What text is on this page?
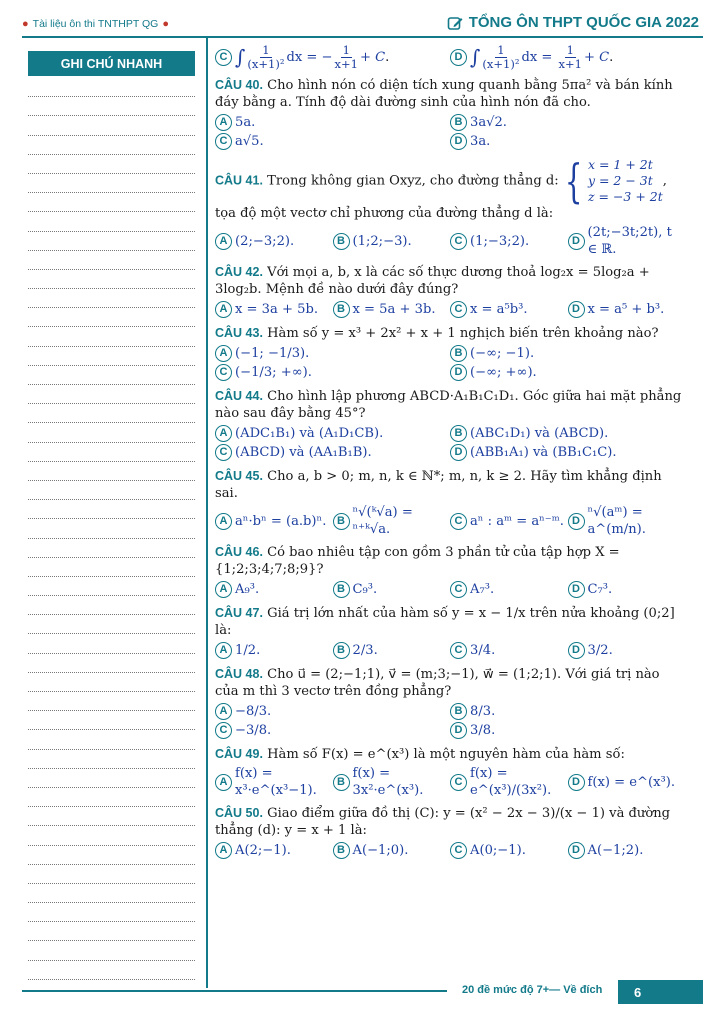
● Tài liệu ôn thi TNTHPT QG ●	TỔNG ÔN THPT QUỐC GIA 2022
GHI CHÚ NHANH	C ∫ $\frac{1}{\text{(x+1)²}}$ dx = − $\frac{1}{x+1} + C$.	D ∫ $\frac{1}{\text{(x+1)²}}$ dx = $\frac{1}{x+1} + C$.
CÂU 40. Cho hình nón có diện tích xung quanh bằng 5πa² và bán kính đáy bằng a. Tính độ dài đường sinh của hình nón đã cho.
A 5a.	B 3a√2.
C a√5.	D 3a.
CÂU 41. Trong không gian Oxyz, cho đường thẳng d: { x = 1 + 2t
y = 2 − 3t
z = −3 + 2t
, tọa độ một vectơ chỉ phương của đường thẳng d là:
A (2;−3;2).	B (1;2;−3).	C (1;−3;2).	D
(2t;−3t;2t), t ∈ ℝ.
CÂU 42. Với mọi a, b, x là các số thực dương thoả log₂x = 5log₂a + 3log₂b. Mệnh đề nào dưới đây đúng?
A x = 3a + 5b.	B x = 5a + 3b.	C x = a⁵b³.	D x = a⁵ + b³.
CÂU 43. Hàm số y = x³ + 2x² + x + 1 nghịch biến trên khoảng nào?
A (−1; −1/3).	B (−∞; −1).
C (−1/3; +∞).	D (−∞; +∞).
CÂU 44. Cho hình lập phương ABCD·A₁B₁C₁D₁. Góc giữa hai mặt phẳng nào sau đây bằng 45°?
A (ADC₁B₁) và (A₁D₁CB).	B (ABC₁D₁) và (ABCD).
C (ABCD) và (AA₁B₁B).	D (ABB₁A₁) và (BB₁C₁C).
CÂU 45. Cho a, b > 0; m, n, k ∈ ℕ*; m, n, k ≥ 2. Hãy tìm khẳng định sai.
A aⁿ·bⁿ = (a.b)ⁿ. B
ⁿ√(ᵏ√a) = ⁿ⁺ᵏ√a.
C aⁿ : aᵐ = aⁿ⁻ᵐ. D
ⁿ√(aᵐ) = a^(m/n).
CÂU 46. Có bao nhiêu tập con gồm 3 phần tử của tập hợp X = {1;2;3;4;7;8;9}?
A A₉³.	B C₉³.	C A₇³.	D C₇³.
CÂU 47. Giá trị lớn nhất của hàm số y = x − 1/x trên nửa khoảng (0;2] là:
A 1/2.	B 2/3.	C 3/4.	D 3/2.
CÂU 48. Cho u⃗ = (2;−1;1), v⃗ = (m;3;−1), w⃗ = (1;2;1). Với giá trị nào của m thì 3 vectơ trên đồng phẳng?
A −8/3.	B 8/3.
C −3/8.	D 3/8.
CÂU 49. Hàm số F(x) = e^(x³) là một nguyên hàm của hàm số:
A
f(x) = x³·e^(x³−1).
B
f(x) = 3x²·e^(x³).
C
f(x) = e^(x³)/(3x²).
D f(x) = e^(x³).
CÂU 50. Giao điểm giữa đồ thị (C): y = (x² − 2x − 3)/(x − 1) và đường thẳng (d): y = x + 1 là:
A A(2;−1).	B A(−1;0).	C A(0;−1).	D A(−1;2).
20 đề mức độ 7+— Về đích	6
